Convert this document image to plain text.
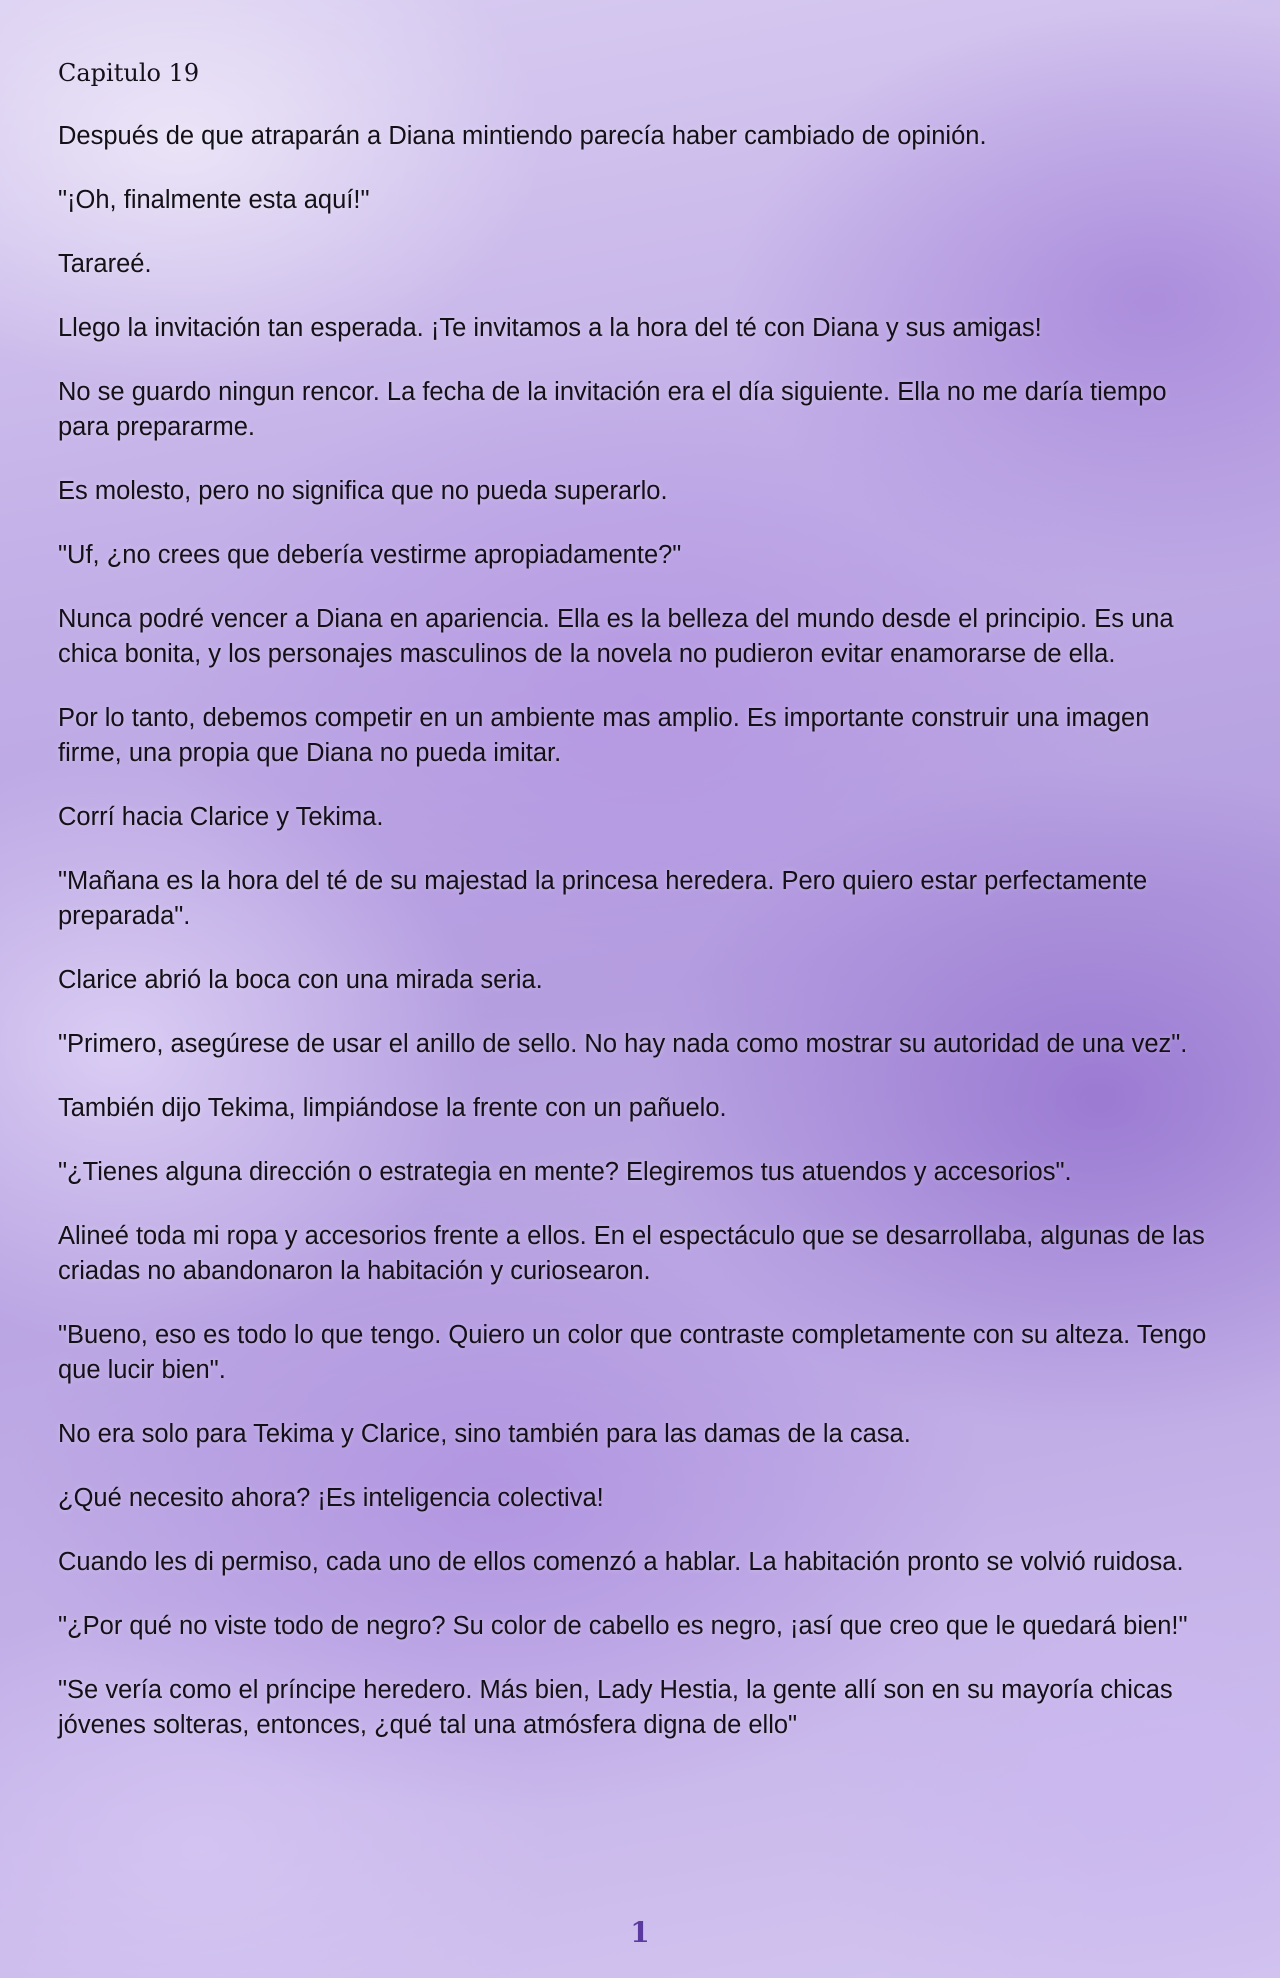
Capitulo 19

Después de que atraparán a Diana mintiendo parecía haber cambiado de opinión.

"¡Oh, finalmente esta aquí!"

Tarareé.

Llego la invitación tan esperada. ¡Te invitamos a la hora del té con Diana y sus amigas!

No se guardo ningun rencor. La fecha de la invitación era el día siguiente. Ella no me daría tiempo para prepararme.

Es molesto, pero no significa que no pueda superarlo.

"Uf, ¿no crees que debería vestirme apropiadamente?"

Nunca podré vencer a Diana en apariencia. Ella es la belleza del mundo desde el principio. Es una chica bonita, y los personajes masculinos de la novela no pudieron evitar enamorarse de ella.

Por lo tanto, debemos competir en un ambiente mas amplio. Es importante construir una imagen firme, una propia que Diana no pueda imitar.

Corrí hacia Clarice y Tekima.

"Mañana es la hora del té de su majestad la princesa heredera. Pero quiero estar perfectamente preparada".

Clarice abrió la boca con una mirada seria.

"Primero, asegúrese de usar el anillo de sello. No hay nada como mostrar su autoridad de una vez".

También dijo Tekima, limpiándose la frente con un pañuelo.

"¿Tienes alguna dirección o estrategia en mente? Elegiremos tus atuendos y accesorios".

Alineé toda mi ropa y accesorios frente a ellos. En el espectáculo que se desarrollaba, algunas de las criadas no abandonaron la habitación y curiosearon.

"Bueno, eso es todo lo que tengo. Quiero un color que contraste completamente con su alteza. Tengo que lucir bien".

No era solo para Tekima y Clarice, sino también para las damas de la casa.

¿Qué necesito ahora? ¡Es inteligencia colectiva!

Cuando les di permiso, cada uno de ellos comenzó a hablar. La habitación pronto se volvió ruidosa.

"¿Por qué no viste todo de negro? Su color de cabello es negro, ¡así que creo que le quedará bien!"

"Se vería como el príncipe heredero. Más bien, Lady Hestia, la gente allí son en su mayoría chicas jóvenes solteras, entonces, ¿qué tal una atmósfera digna de ello"

1
